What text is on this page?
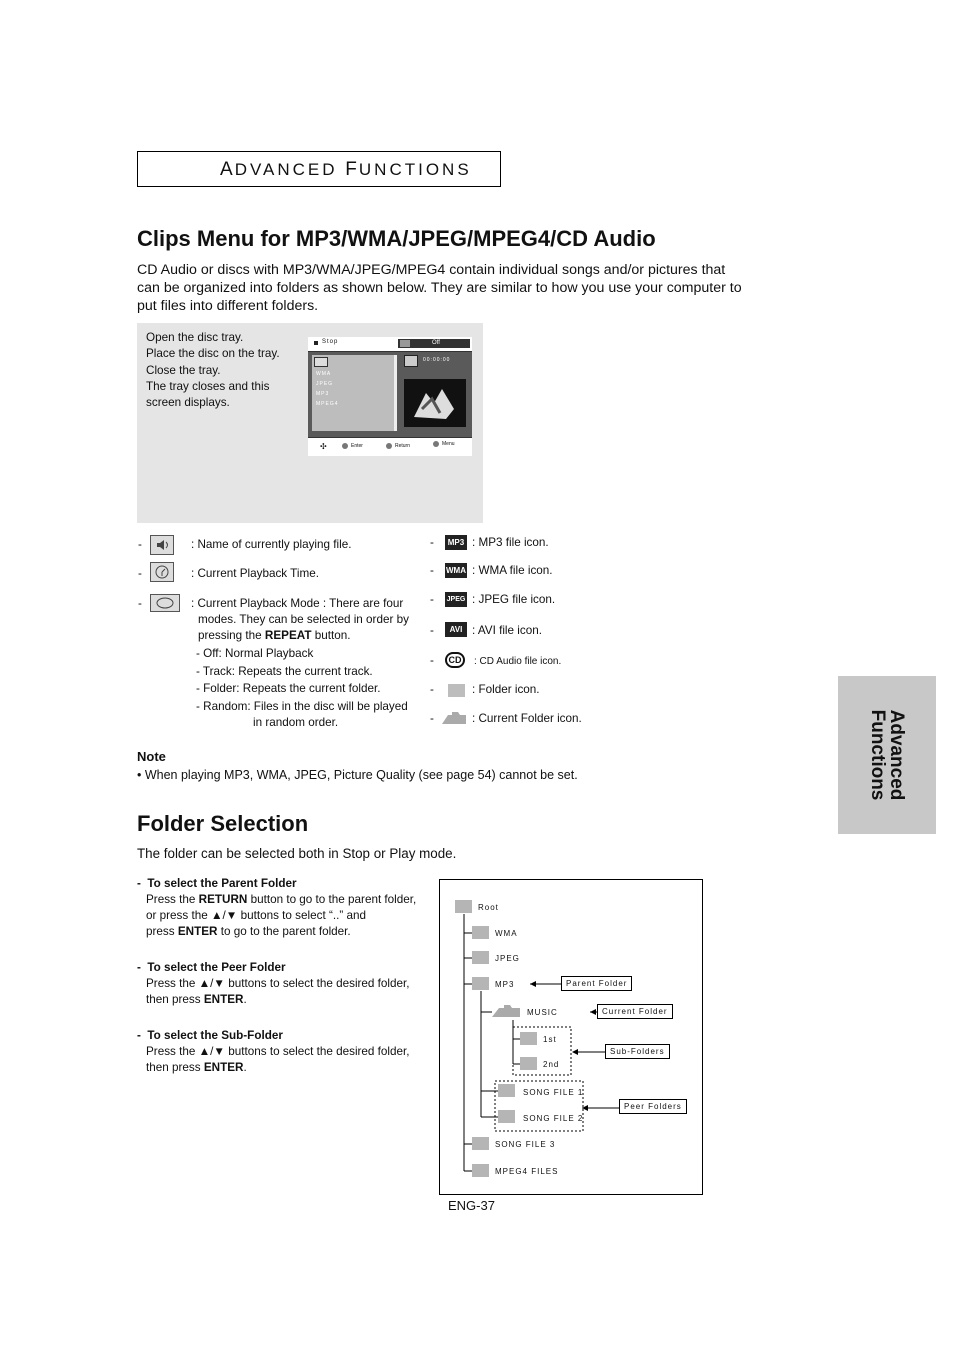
ADVANCED FUNCTIONS
Advanced
Functions
Clips Menu for MP3/WMA/JPEG/MPEG4/CD Audio
CD Audio or discs with MP3/WMA/JPEG/MPEG4 contain individual songs and/or pictures that
can be organized into folders as shown below. They are similar to how you use your computer to
put files into different folders.
Open the disc tray.
Place the disc on the tray.
Close the tray.
The tray closes and this
screen displays.
Stop	Off
WMA
JPEG
MP3
MPEG4
00:00:00
✣	Enter	Return	Menu
-	: Name of currently playing file.
-	: Current Playback Time.
-	: Current Playback Mode : There are four
modes. They can be selected in order by
pressing the REPEAT button.
- Off: Normal Playback
- Track: Repeats the current track.
- Folder: Repeats the current folder.
- Random: Files in the disc will be played
in random order.
-	MP3 : MP3 file icon.
- WMA : WMA file icon.
- JPEG : JPEG file icon.
-	AVI : AVI file icon.
-	CD	: CD Audio file icon.
-	: Folder icon.
-	: Current Folder icon.
Note
• When playing MP3, WMA, JPEG, Picture Quality (see page 54) cannot be set.
Folder Selection
The folder can be selected both in Stop or Play mode.
-  To select the Parent Folder
Press the RETURN button to go to the parent folder,
or press the ▲/▼ buttons to select “..” and
press ENTER to go to the parent folder.
-  To select the Peer Folder
Press the ▲/▼ buttons to select the desired folder,
then press ENTER.
-  To select the Sub-Folder
Press the ▲/▼ buttons to select the desired folder,
then press ENTER.
Root
WMA
JPEG
MP3
MUSIC
1st
2nd
SONG FILE 1
SONG FILE 2
SONG FILE 3
MPEG4 FILES
Parent Folder
Current Folder
Sub-Folders
Peer Folders
ENG-37
